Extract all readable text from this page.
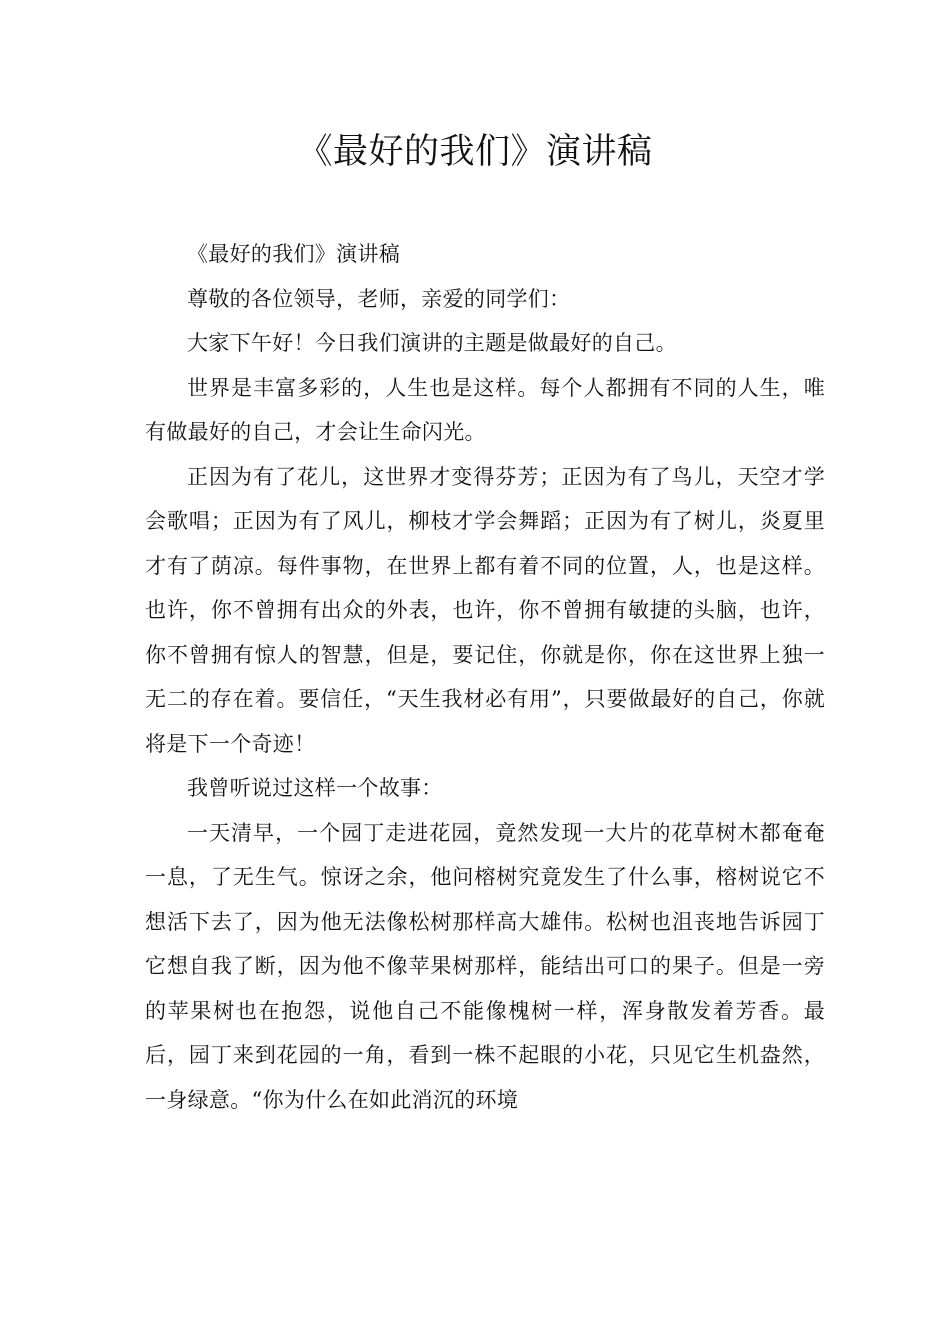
《最好的我们》演讲稿

《最好的我们》演讲稿

尊敬的各位领导，老师，亲爱的同学们：

大家下午好！今日我们演讲的主题是做最好的自己。

世界是丰富多彩的，人生也是这样。每个人都拥有不同的人生，唯有做最好的自己，才会让生命闪光。

正因为有了花儿，这世界才变得芬芳；正因为有了鸟儿，天空才学会歌唱；正因为有了风儿，柳枝才学会舞蹈；正因为有了树儿，炎夏里才有了荫凉。每件事物，在世界上都有着不同的位置，人，也是这样。也许，你不曾拥有出众的外表，也许，你不曾拥有敏捷的头脑，也许，你不曾拥有惊人的智慧，但是，要记住，你就是你，你在这世界上独一无二的存在着。要信任，“天生我材必有用”，只要做最好的自己，你就将是下一个奇迹！

我曾听说过这样一个故事：

一天清早，一个园丁走进花园，竟然发现一大片的花草树木都奄奄一息，了无生气。惊讶之余，他问榕树究竟发生了什么事，榕树说它不想活下去了，因为他无法像松树那样高大雄伟。松树也沮丧地告诉园丁它想自我了断，因为他不像苹果树那样，能结出可口的果子。但是一旁的苹果树也在抱怨，说他自己不能像槐树一样，浑身散发着芳香。最后，园丁来到花园的一角，看到一株不起眼的小花，只见它生机盎然，一身绿意。“你为什么在如此消沉的环境
